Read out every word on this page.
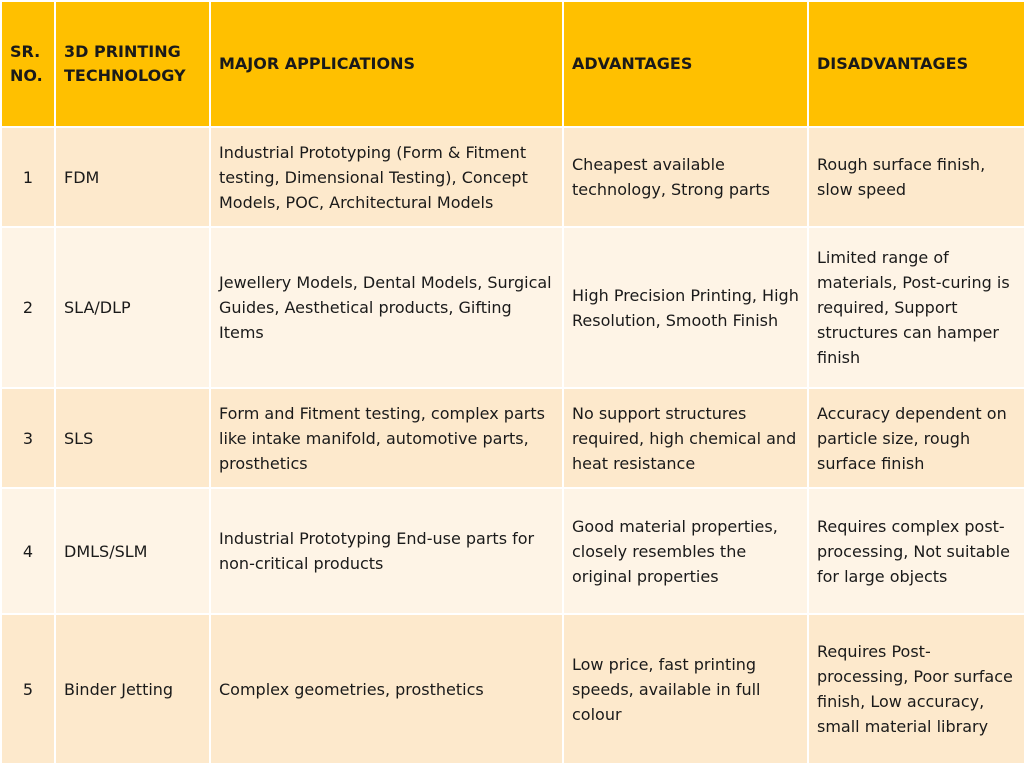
SR. NO.	3D PRINTING TECHNOLOGY	MAJOR APPLICATIONS	ADVANTAGES	DISADVANTAGES
1	FDM	Industrial Prototyping (Form & Fitment testing, Dimensional Testing), Concept Models, POC, Architectural Models	Cheapest available technology, Strong parts	Rough surface finish, slow speed
2	SLA/DLP	Jewellery Models, Dental Models, Surgical Guides, Aesthetical products, Gifting Items	High Precision Printing, High Resolution, Smooth Finish	Limited range of materials, Post-curing is required, Support structures can hamper finish
3	SLS	Form and Fitment testing, complex parts like intake manifold, automotive parts, prosthetics	No support structures required, high chemical and heat resistance	Accuracy dependent on particle size, rough surface finish
4	DMLS/SLM	Industrial Prototyping End-use parts for non-critical products	Good material properties, closely resembles the original properties	Requires complex post-processing, Not suitable for large objects
5	Binder Jetting	Complex geometries, prosthetics	Low price, fast printing speeds, available in full colour	Requires Post-processing, Poor surface finish, Low accuracy, small material library
